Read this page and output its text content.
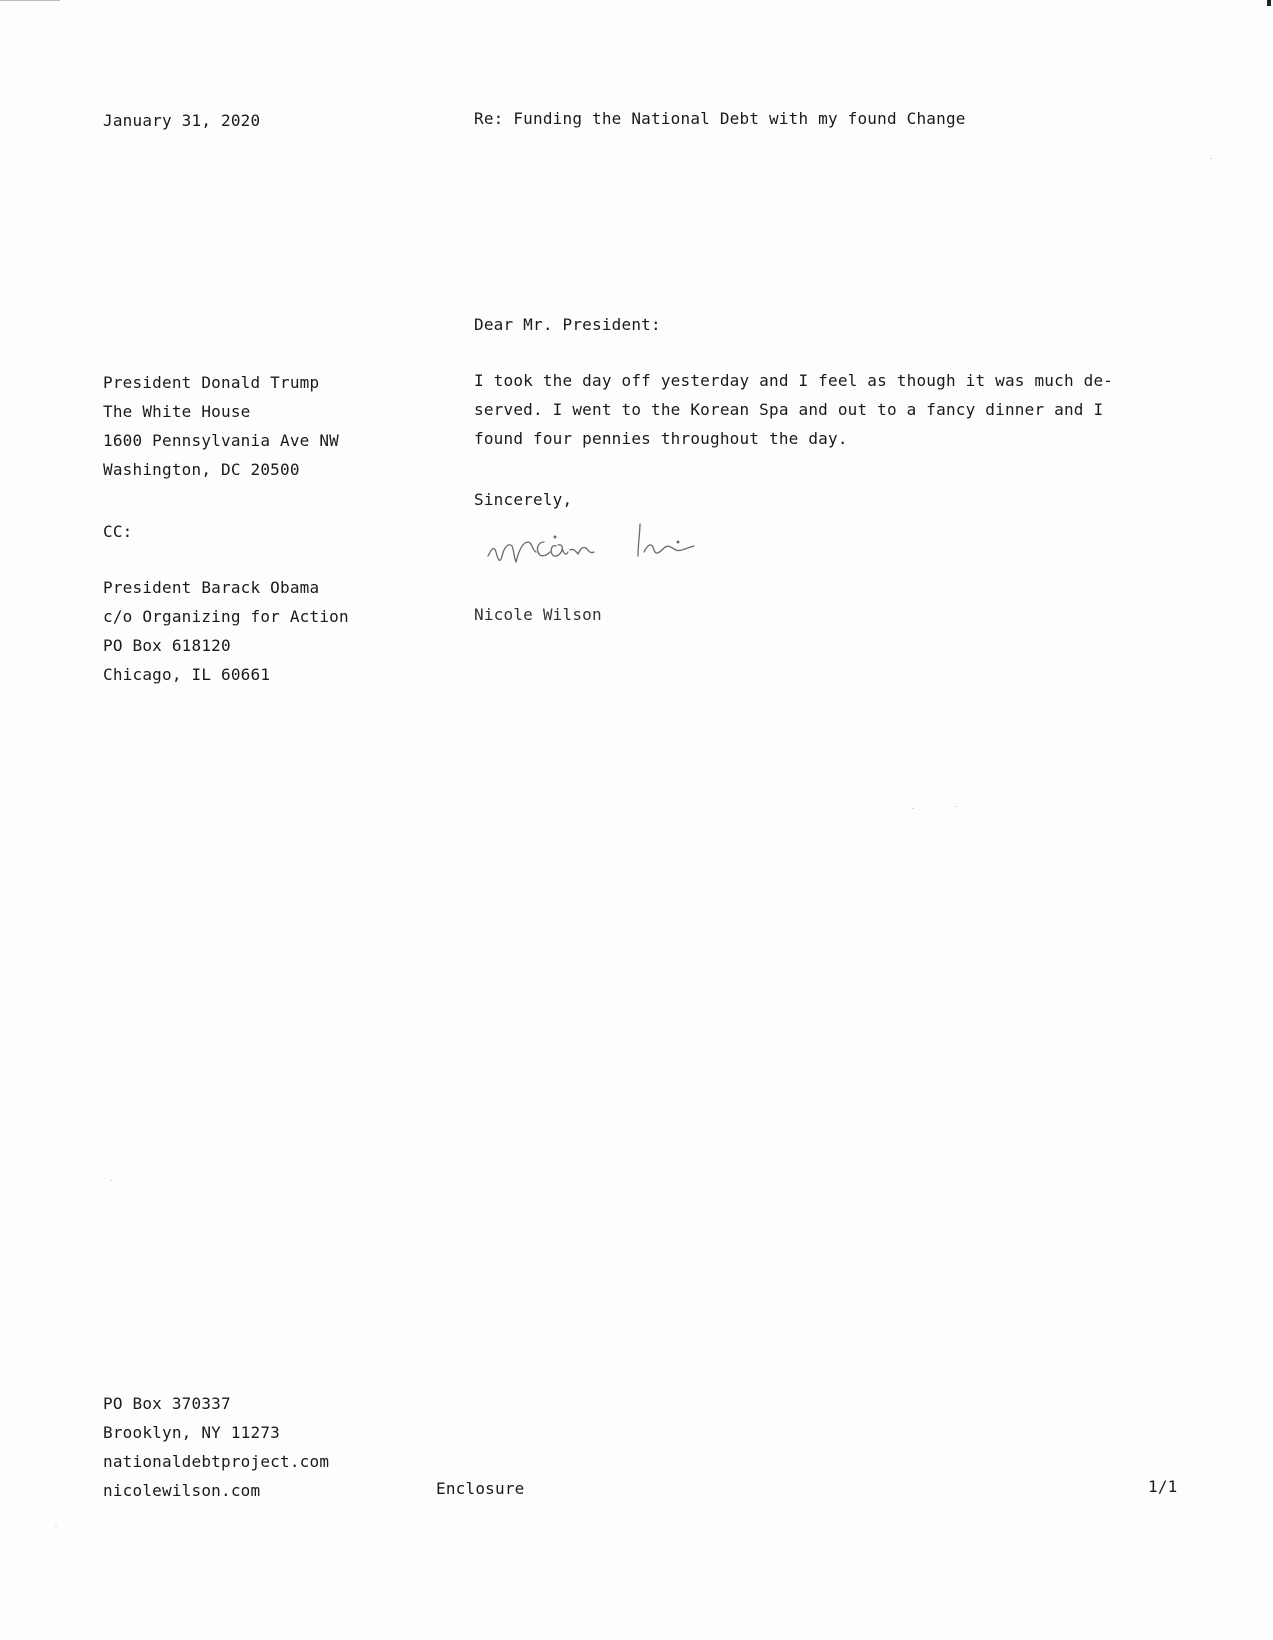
January 31, 2020	Re: Funding the National Debt with my found Change
Dear Mr. President:
President Donald Trump
The White House
1600 Pennsylvania Ave NW
Washington, DC 20500
I took the day off yesterday and I feel as though it was much de-
served. I went to the Korean Spa and out to a fancy dinner and I
found four pennies throughout the day.
Sincerely,
Nicole Wilson
CC:
President Barack Obama
c/o Organizing for Action
PO Box 618120
Chicago, IL 60661
PO Box 370337
Brooklyn, NY 11273
nationaldebtproject.com
nicolewilson.com	Enclosure	1/1
